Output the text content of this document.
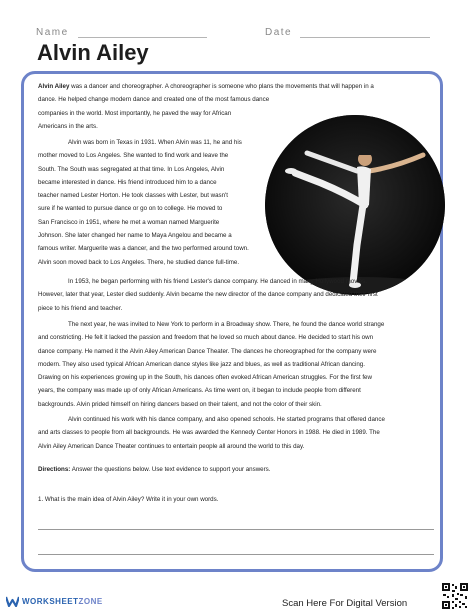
Name	Date
Alvin Ailey

Alvin Ailey was a dancer and choreographer. A choreographer is someone who plans the movements that will happen in a

dance. He helped change modern dance and created one of the most famous dance

companies in the world. Most importantly, he paved the way for African

Americans in the arts.

Alvin was born in Texas in 1931. When Alvin was 11, he and his

mother moved to Los Angeles. She wanted to find work and leave the

South. The South was segregated at that time. In Los Angeles, Alvin

became interested in dance. His friend introduced him to a dance

teacher named Lester Horton. He took classes with Lester, but wasn't

sure if he wanted to pursue dance or go on to college. He moved to

San Francisco in 1951, where he met a woman named Marguerite

Johnson. She later changed her name to Maya Angelou and became a

famous writer. Marguerite was a dancer, and the two performed around town.

Alvin soon moved back to Los Angeles. There, he studied dance full-time.

In 1953, he began performing with his friend Lester's dance company. He danced in many Hollywood movies.

However, later that year, Lester died suddenly. Alvin became the new director of the dance company and dedicated their first

piece to his friend and teacher.

The next year, he was invited to New York to perform in a Broadway show. There, he found the dance world strange

and constricting. He felt it lacked the passion and freedom that he loved so much about dance. He decided to start his own

dance company. He named it the Alvin Ailey American Dance Theater. The dances he choreographed for the company were

modern. They also used typical African American dance styles like jazz and blues, as well as traditional African dancing.

Drawing on his experiences growing up in the South, his dances often evoked African American struggles. For the first few

years, the company was made up of only African Americans. As time went on, it began to include people from different

backgrounds. Alvin prided himself on hiring dancers based on their talent, and not the color of their skin.

Alvin continued his work with his dance company, and also opened schools. He started programs that offered dance

and arts classes to people from all backgrounds. He was awarded the Kennedy Center Honors in 1988. He died in 1989. The

Alvin Ailey American Dance Theater continues to entertain people all around the world to this day.

Directions: Answer the questions below. Use text evidence to support your answers.

1. What is the main idea of Alvin Ailey? Write it in your own words.

WORKSHEETZONE	Scan Here For Digital Version
